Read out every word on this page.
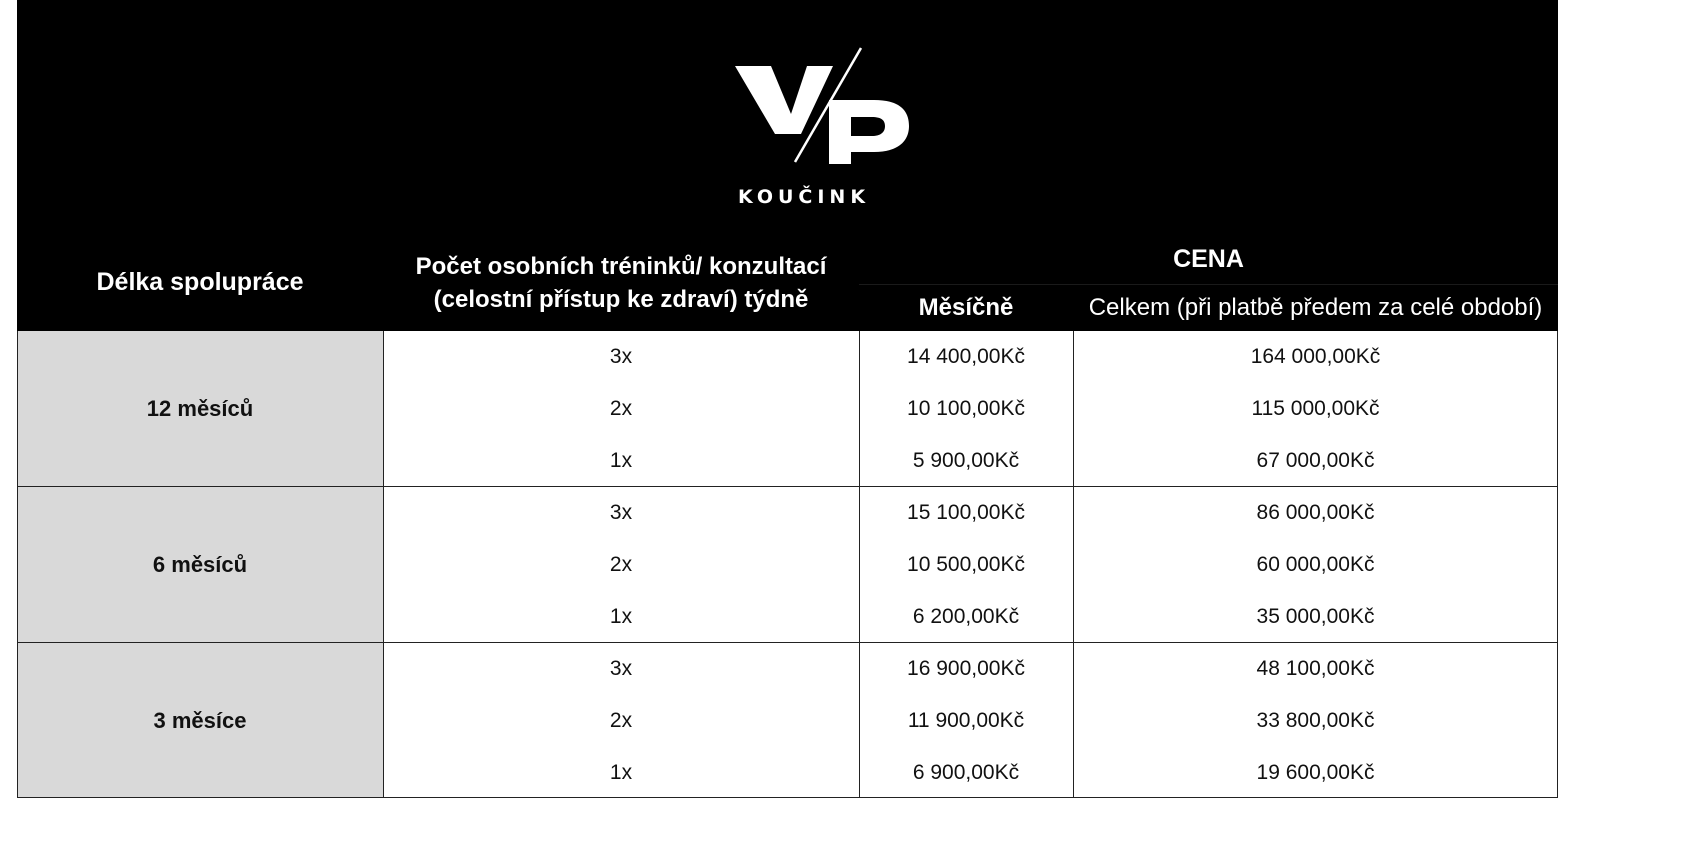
KOUČINK
Délka spolupráce
Počet osobních tréninků/ konzultací
(celostní přístup ke zdraví) týdně
CENA
Měsíčně	Celkem (při platbě předem za celé období)
12 měsíců
3x	14 400,00Kč	164 000,00Kč
2x	10 100,00Kč	115 000,00Kč
1x	5 900,00Kč	67 000,00Kč
6 měsíců
3x	15 100,00Kč	86 000,00Kč
2x	10 500,00Kč	60 000,00Kč
1x	6 200,00Kč	35 000,00Kč
3 měsíce
3x	16 900,00Kč	48 100,00Kč
2x	11 900,00Kč	33 800,00Kč
1x	6 900,00Kč	19 600,00Kč
